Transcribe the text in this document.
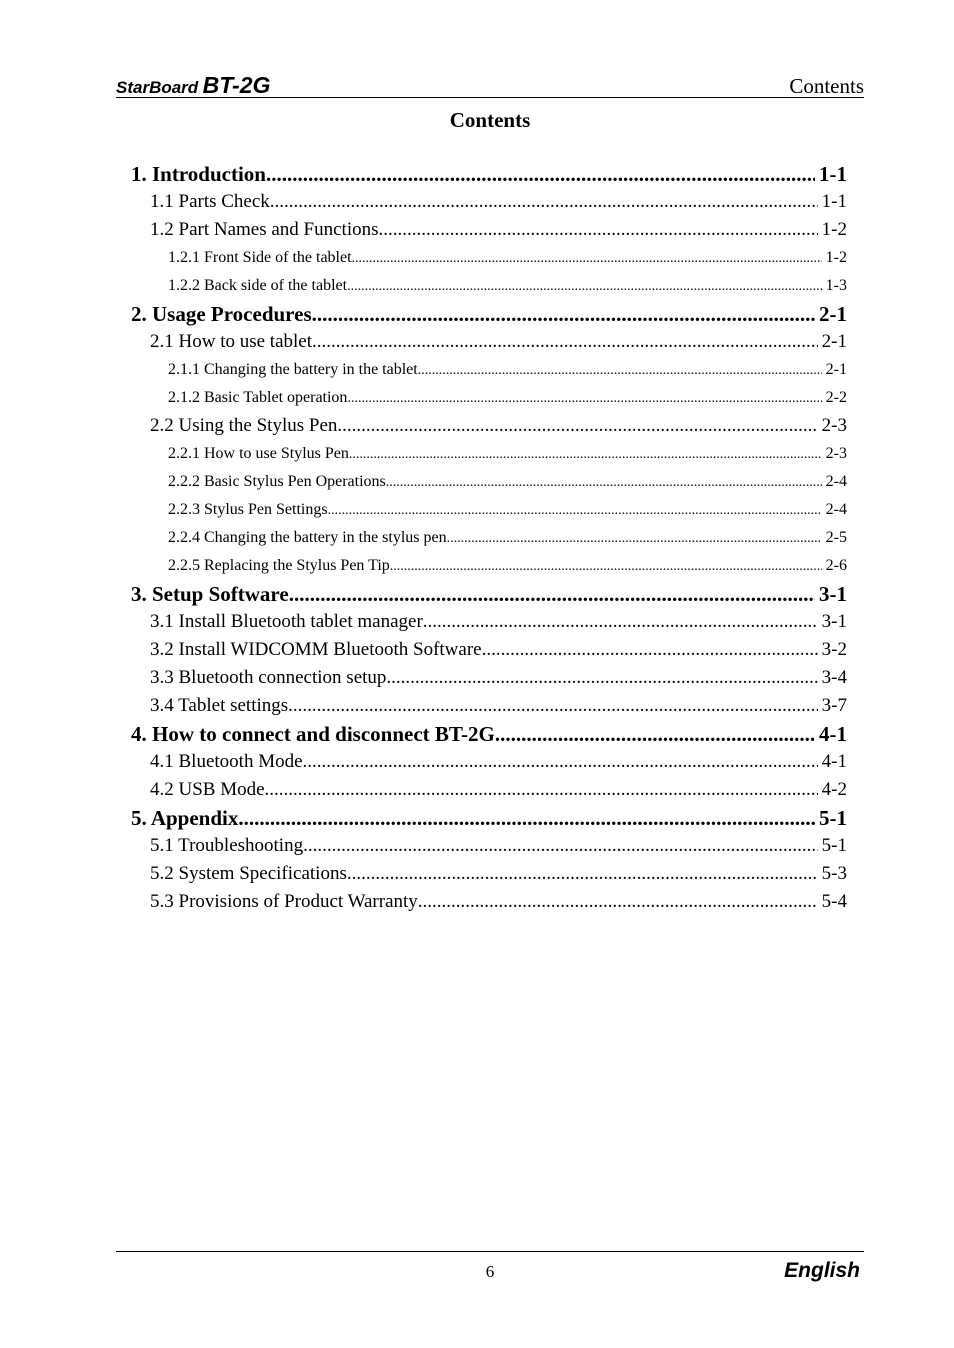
StarBoard BT-2G	Contents
Contents
1. Introduction .....	1-1
1.1 Parts Check .....	1-1
1.2 Part Names and Functions .....	1-2
1.2.1 Front Side of the tablet .....	1-2
1.2.2 Back side of the tablet .....	1-3
2. Usage Procedures .....	2-1
2.1 How to use tablet .....	2-1
2.1.1 Changing the battery in the tablet .....	2-1
2.1.2 Basic Tablet operation .....	2-2
2.2 Using the Stylus Pen .....	2-3
2.2.1 How to use Stylus Pen .....	2-3
2.2.2 Basic Stylus Pen Operations .....	2-4
2.2.3 Stylus Pen Settings .....	2-4
2.2.4 Changing the battery in the stylus pen .....	2-5
2.2.5 Replacing the Stylus Pen Tip .....	2-6
3. Setup Software .....	3-1
3.1 Install Bluetooth tablet manager .....	3-1
3.2 Install WIDCOMM Bluetooth Software .....	3-2
3.3 Bluetooth connection setup .....	3-4
3.4 Tablet settings .....	3-7
4. How to connect and disconnect BT-2G .....	4-1
4.1 Bluetooth Mode .....	4-1
4.2 USB Mode .....	4-2
5. Appendix .....	5-1
5.1 Troubleshooting .....	5-1
5.2 System Specifications .....	5-3
5.3 Provisions of Product Warranty .....	5-4
6	English
